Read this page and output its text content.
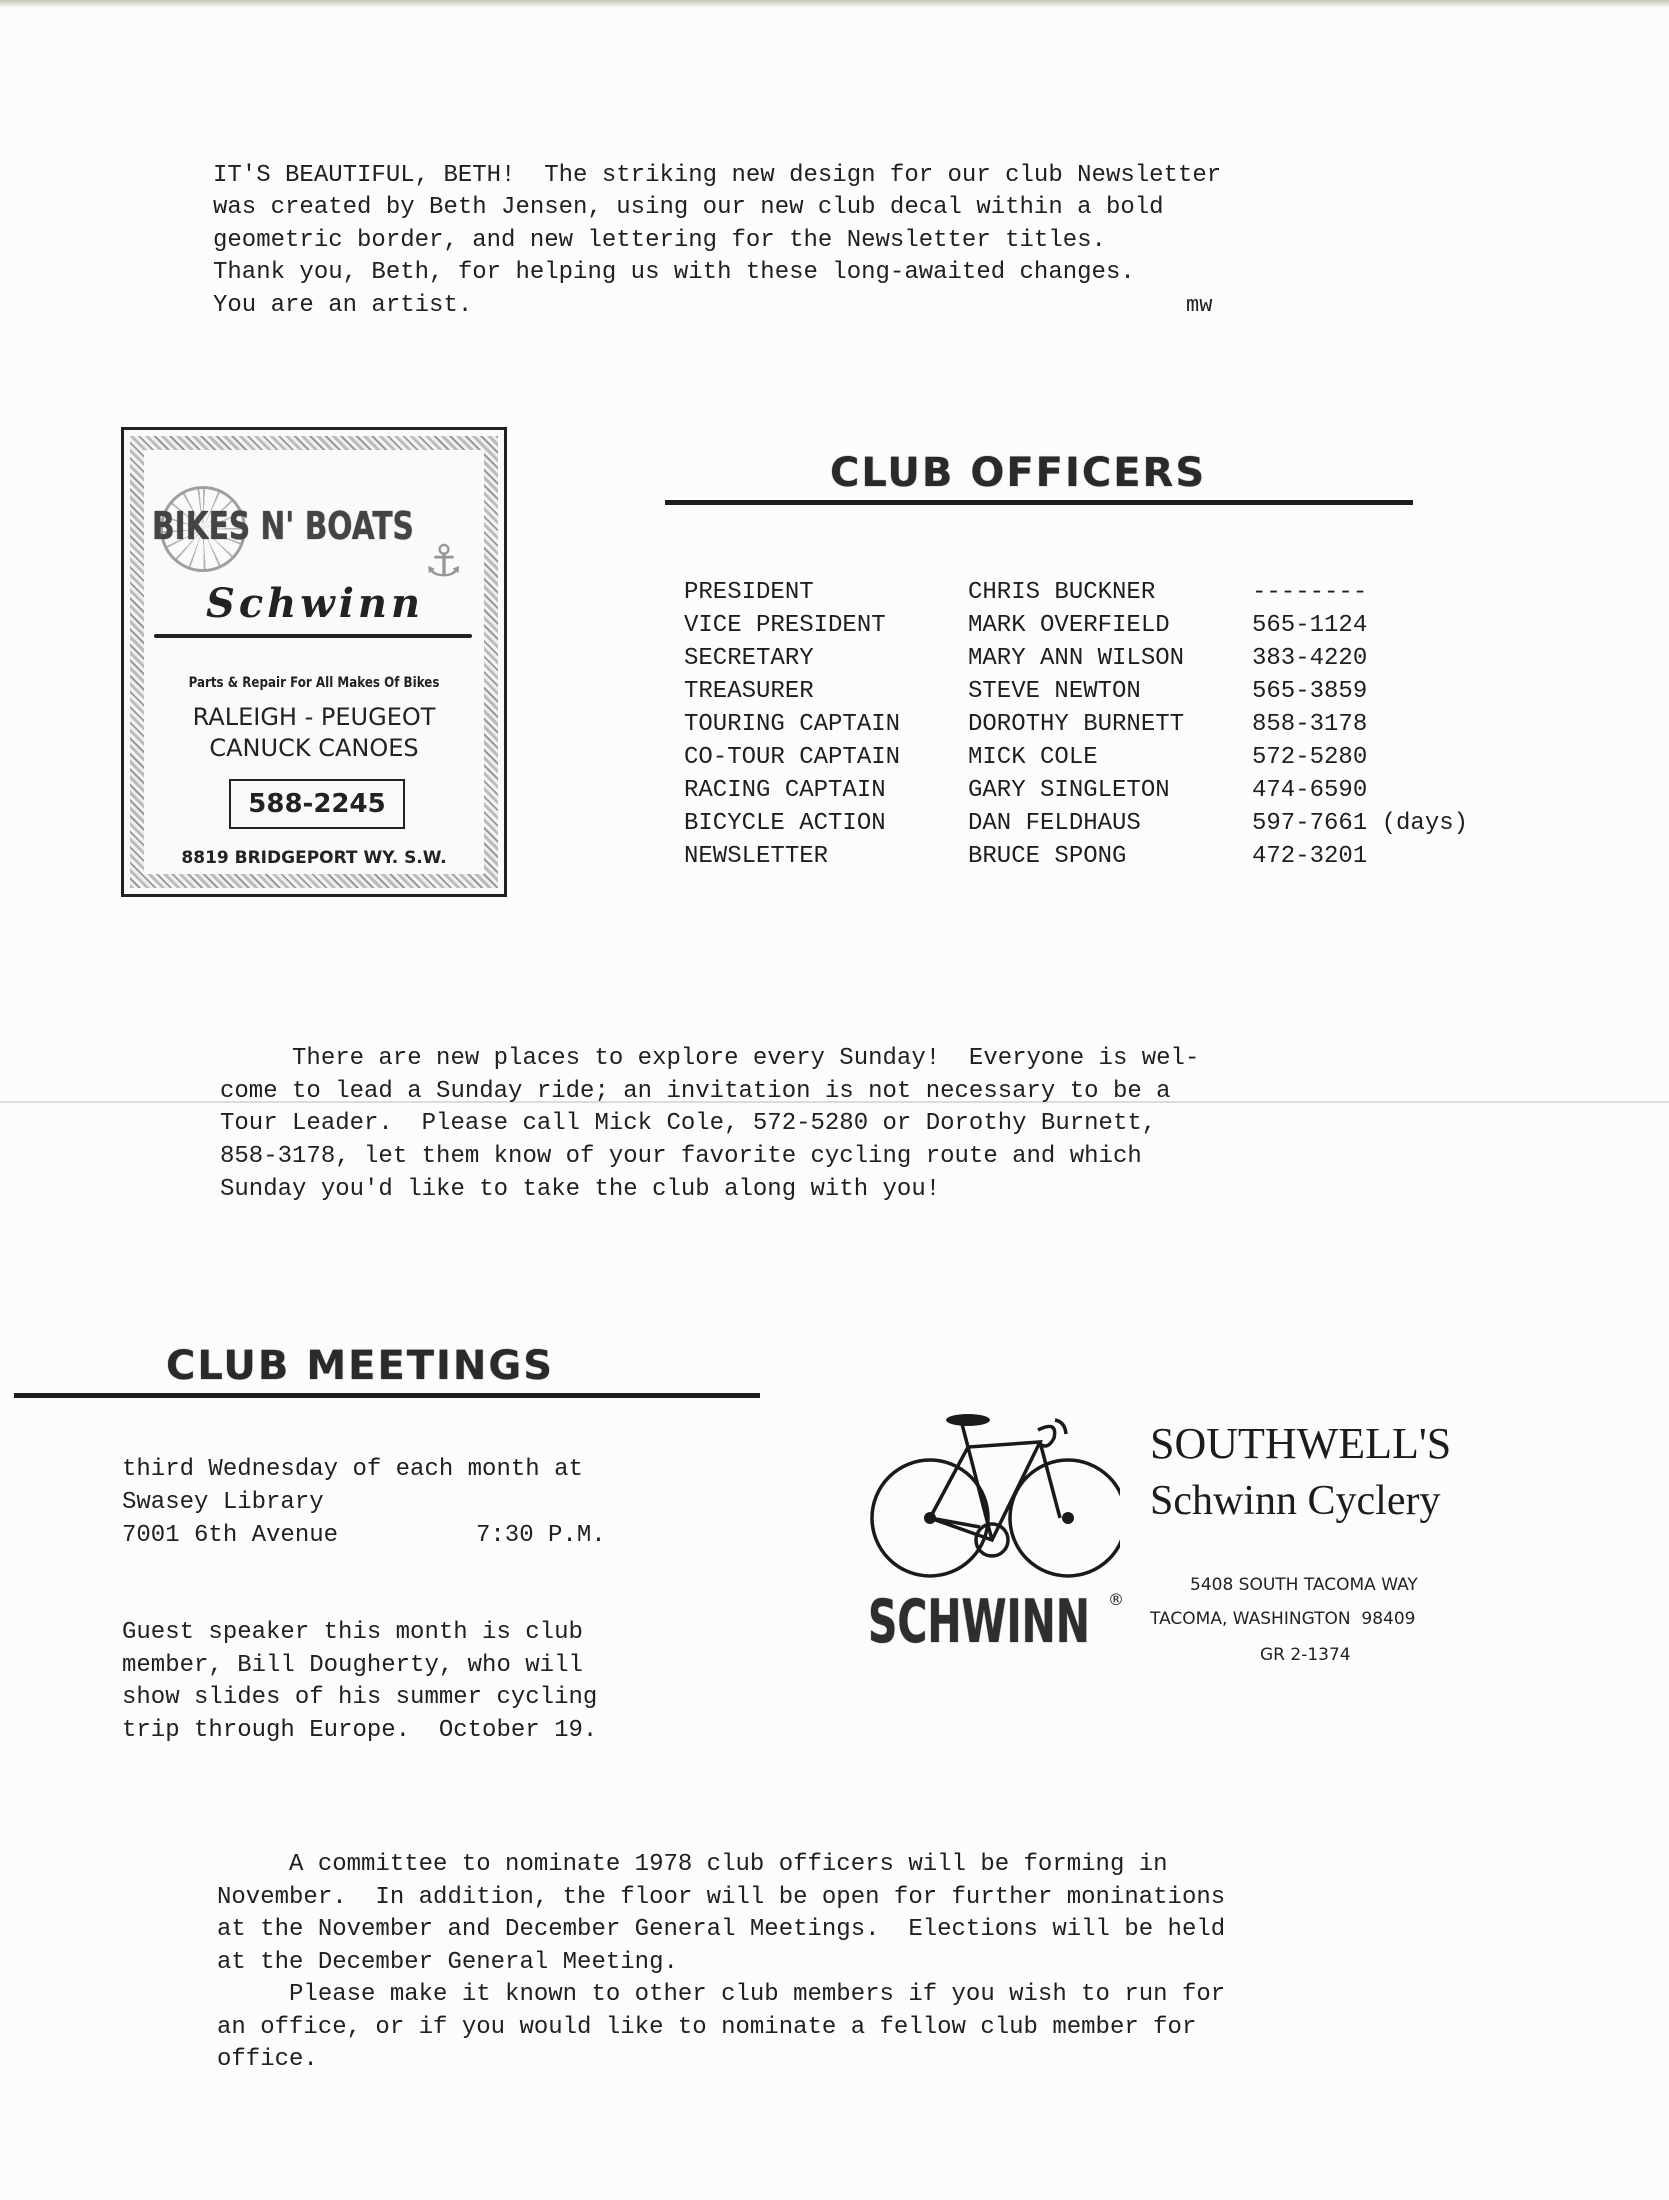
IT'S BEAUTIFUL, BETH!  The striking new design for our club Newsletter
was created by Beth Jensen, using our new club decal within a bold
geometric border, and new lettering for the Newsletter titles.
Thank you, Beth, for helping us with these long-awaited changes.
You are an artist.	mw
BIKES N' BOATS
⚓
Schwinn
Parts & Repair For All Makes Of Bikes
RALEIGH - PEUGEOT
CANUCK CANOES
588-2245
8819 BRIDGEPORT WY. S.W.
CLUB OFFICERS
PRESIDENT	CHRIS BUCKNER	--------
VICE PRESIDENT	MARK OVERFIELD	565-1124
SECRETARY	MARY ANN WILSON	383-4220
TREASURER	STEVE NEWTON	565-3859
TOURING CAPTAIN	DOROTHY BURNETT	858-3178
CO-TOUR CAPTAIN	MICK COLE	572-5280
RACING CAPTAIN	GARY SINGLETON	474-6590
BICYCLE ACTION	DAN FELDHAUS	597-7661 (days)
NEWSLETTER	BRUCE SPONG	472-3201
There are new places to explore every Sunday!  Everyone is wel-
come to lead a Sunday ride; an invitation is not necessary to be a
Tour Leader.  Please call Mick Cole, 572-5280 or Dorothy Burnett,
858-3178, let them know of your favorite cycling route and which
Sunday you'd like to take the club along with you!
CLUB MEETINGS
third Wednesday of each month at
Swasey Library
7001 6th Avenue	7:30 P.M.
Guest speaker this month is club
member, Bill Dougherty, who will
show slides of his summer cycling
trip through Europe.  October 19.
SCHWINN ®
SOUTHWELL'S
Schwinn Cyclery
5408 SOUTH TACOMA WAY
TACOMA, WASHINGTON  98409
GR 2-1374
A committee to nominate 1978 club officers will be forming in
November.  In addition, the floor will be open for further moninations
at the November and December General Meetings.  Elections will be held
at the December General Meeting.
Please make it known to other club members if you wish to run for
an office, or if you would like to nominate a fellow club member for
office.
